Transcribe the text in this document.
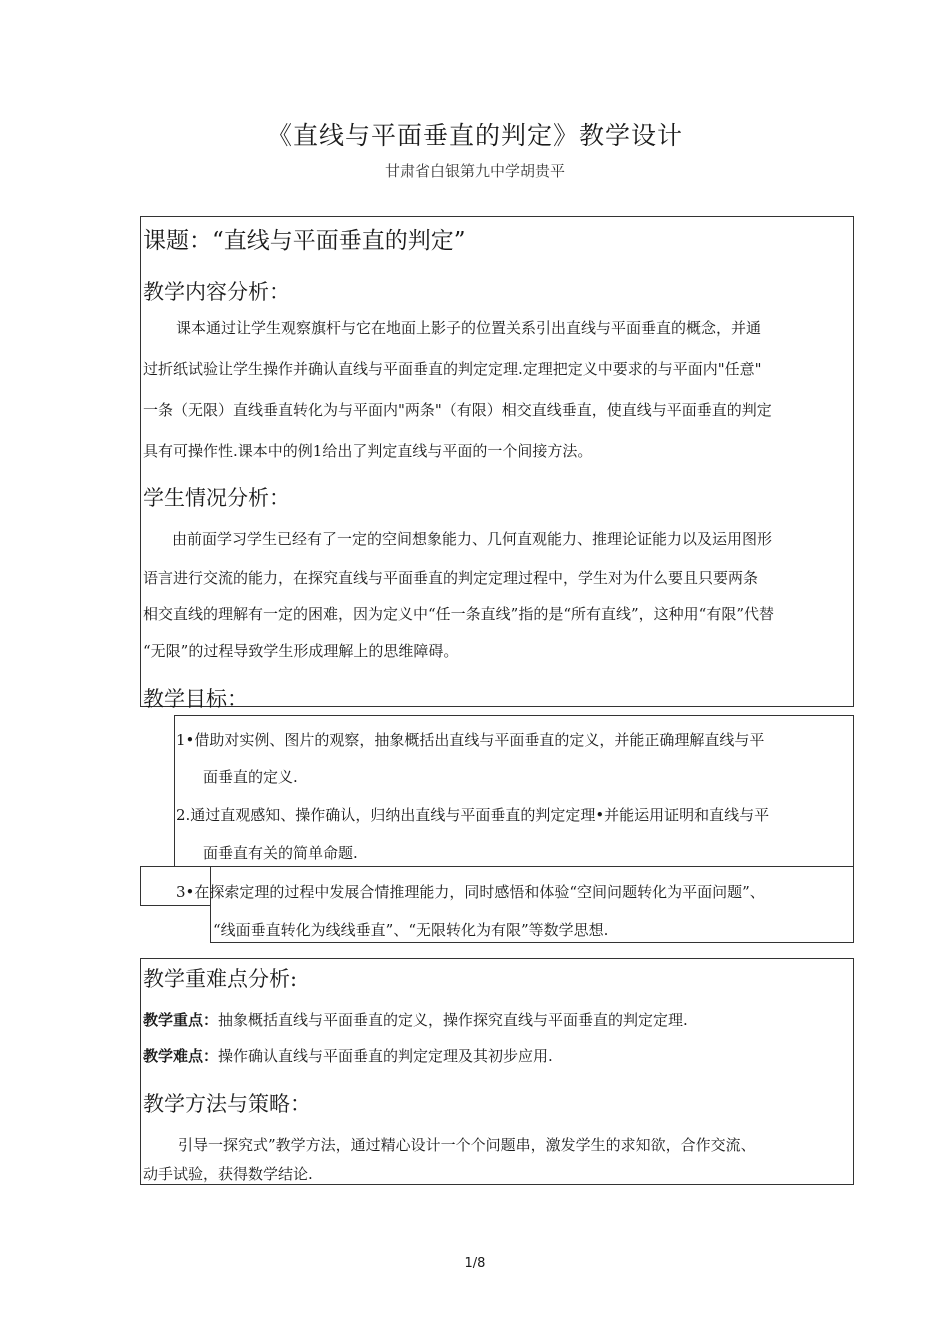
《直线与平面垂直的判定》教学设计
甘肃省白银第九中学胡贵平
课题：“直线与平面垂直的判定”
教学内容分析：
课本通过让学生观察旗杆与它在地面上影子的位置关系引出直线与平面垂直的概念，并通
过折纸试验让学生操作并确认直线与平面垂直的判定定理.定理把定义中要求的与平面内"任意"
一条（无限）直线垂直转化为与平面内"两条"（有限）相交直线垂直，使直线与平面垂直的判定
具有可操作性.课本中的例1给出了判定直线与平面的一个间接方法。
学生情况分析：
由前面学习学生已经有了一定的空间想象能力、几何直观能力、推理论证能力以及运用图形
语言进行交流的能力，在探究直线与平面垂直的判定定理过程中，学生对为什么要且只要两条
相交直线的理解有一定的困难，因为定义中“任一条直线”指的是“所有直线”，这种用“有限”代替
“无限”的过程导致学生形成理解上的思维障碍。
教学目标：
1•借助对实例、图片的观察，抽象概括出直线与平面垂直的定义，并能正确理解直线与平
面垂直的定义.
2.通过直观感知、操作确认，归纳出直线与平面垂直的判定定理•并能运用证明和直线与平
面垂直有关的简单命题.
3•在探索定理的过程中发展合情推理能力，同时感悟和体验“空间问题转化为平面问题”、
“线面垂直转化为线线垂直”、“无限转化为有限”等数学思想.
教学重难点分析:
教学重点：抽象概括直线与平面垂直的定义，操作探究直线与平面垂直的判定定理.
教学难点：操作确认直线与平面垂直的判定定理及其初步应用.
教学方法与策略：
引导一探究式”教学方法，通过精心设计一个个问题串，激发学生的求知欲，合作交流、
动手试验，获得数学结论.
1/8
